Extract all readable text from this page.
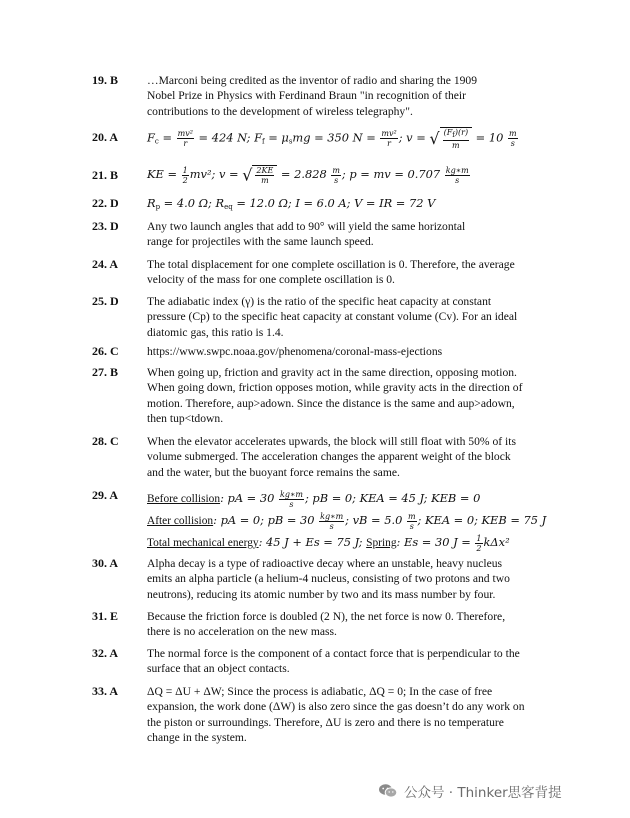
19. B	…Marconi being credited as the inventor of radio and sharing the 1909
Nobel Prize in Physics with Ferdinand Braun "in recognition of their
contributions to the development of wireless telegraphy".
20. A	$F_c = \frac{\text{mv²}}{r} = 424$ N; $F_f = \mu_smg = 350$ $N = \frac{\text{mv²}}{r}$ ; v = √ $\frac{(Ff)(r)}{m} = 10 \frac{m}{s}$
21. B	KE = $\frac{1}{2} mv^2$; v = √ $\frac{2KE}{m} = 2.828 \frac{m}{s}$ ; p = mv = $0.707 \frac{kg∗m}{s}$
22. D	$R_p = 4.0$ Ω; $R_{eq} = 12.0$ Ω; I = 6.0 A; V = IR = 72 V
23. D	Any two launch angles that add to 90° will yield the same horizontal
range for projectiles with the same launch speed.
24. A	The total displacement for one complete oscillation is 0. Therefore, the average
velocity of the mass for one complete oscillation is 0.
25. D	The adiabatic index (γ) is the ratio of the specific heat capacity at constant
pressure (Cp) to the specific heat capacity at constant volume (Cv). For an ideal
diatomic gas, this ratio is 1.4.
26. C	https://www.swpc.noaa.gov/phenomena/coronal-mass-ejections
27. B	When going up, friction and gravity act in the same direction, opposing motion.
When going down, friction opposes motion, while gravity acts in the direction of
motion. Therefore, aup>adown. Since the distance is the same and aup>adown,
then tup<tdown.
28. C	When the elevator accelerates upwards, the block will still float with 50% of its
volume submerged. The acceleration changes the apparent weight of the block
and the water, but the buoyant force remains the same.
29. A	Before collision: pA = $30 \frac{kg∗m}{s}$ ; pB = 0; KEA = 45 J; KEB = 0
After collision: pA = 0; pB = $30 \frac{kg∗m}{s}$ ; vB = $5.0 \frac{m}{s}$ ; KEA = 0; KEB = 75 J
Total mechanical energy: 45 J + Es = 75 J; Spring: Es = 30 $J = \frac{1}{2} k\Delta x^2$
30. A	Alpha decay is a type of radioactive decay where an unstable, heavy nucleus
emits an alpha particle (a helium-4 nucleus, consisting of two protons and two
neutrons), reducing its atomic number by two and its mass number by four.
31. E	Because the friction force is doubled (2 N), the net force is now 0. Therefore,
there is no acceleration on the new mass.
32. A	The normal force is the component of a contact force that is perpendicular to the
surface that an object contacts.
33. A	ΔQ = ΔU + ΔW; Since the process is adiabatic, ΔQ = 0; In the case of free
expansion, the work done (ΔW) is also zero since the gas doesn’t do any work on
the piston or surroundings. Therefore, ΔU is zero and there is no temperature
change in the system.
公众号 · Thinker思客背提
